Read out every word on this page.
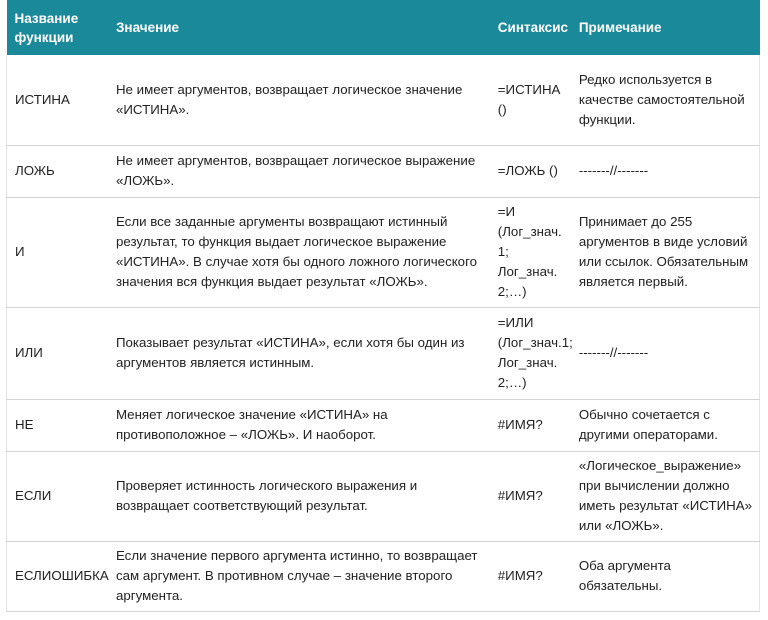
Название функции	Значение	Синтаксис	Примечание
ИСТИНА	Не имеет аргументов, возвращает логическое значение «ИСТИНА».	=ИСТИНА ()	Редко используется в качестве самостоятельной функции.
ЛОЖЬ	Не имеет аргументов, возвращает логическое выражение «ЛОЖЬ».	=ЛОЖЬ ()	-------//-------
И	Если все заданные аргументы возвращают истинный результат, то функция выдает логическое выражение «ИСТИНА». В случае хотя бы одного ложного логического значения вся функция выдает результат «ЛОЖЬ».	=И (Лог_знач. 1; Лог_знач. 2;…)	Принимает до 255 аргументов в виде условий или ссылок. Обязательным является первый.
ИЛИ	Показывает результат «ИСТИНА», если хотя бы один из аргументов является истинным.	=ИЛИ (Лог_знач.1; Лог_знач. 2;…)	-------//-------
НЕ	Меняет логическое значение «ИСТИНА» на противоположное – «ЛОЖЬ». И наоборот.	#ИМЯ?	Обычно сочетается с другими операторами.
ЕСЛИ	Проверяет истинность логического выражения и возвращает соответствующий результат.	#ИМЯ?	«Логическое_выражение» при вычислении должно иметь результат «ИСТИНА» или «ЛОЖЬ».
ЕСЛИОШИБКА	Если значение первого аргумента истинно, то возвращает сам аргумент. В противном случае – значение второго аргумента.	#ИМЯ?	Оба аргумента обязательны.
